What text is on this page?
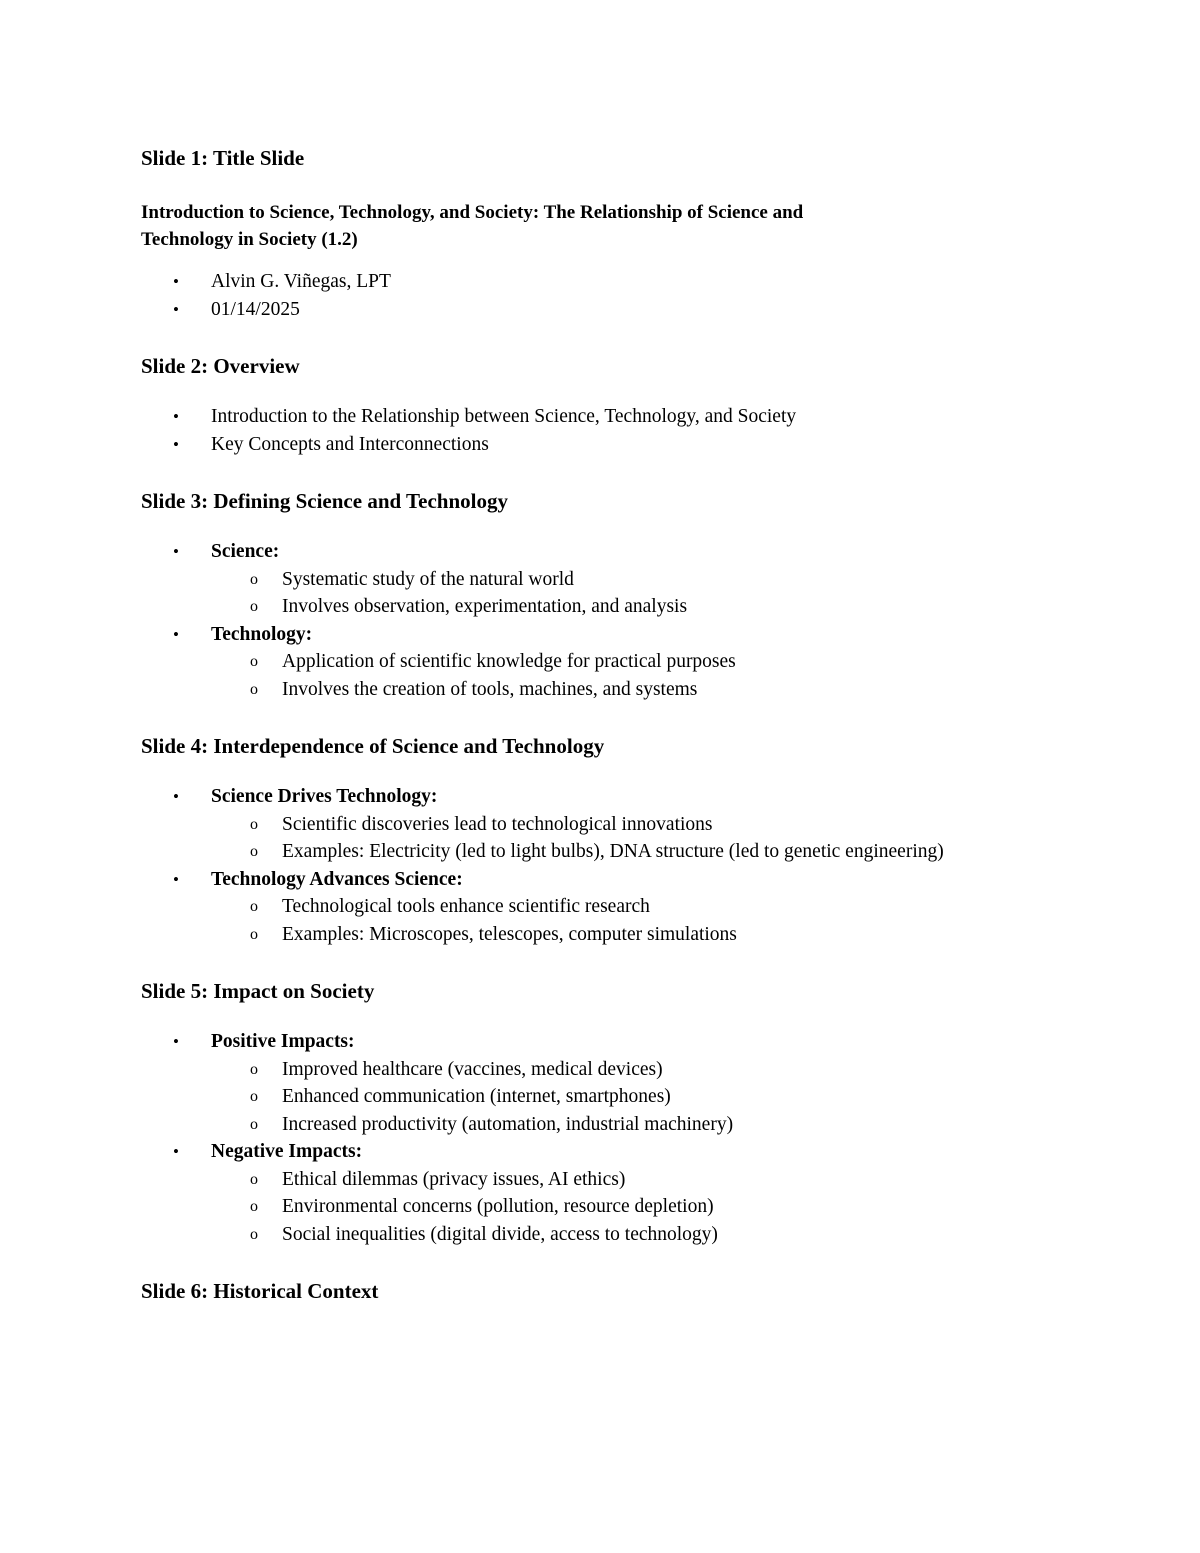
Slide 1: Title Slide
Introduction to Science, Technology, and Society: The Relationship of Science and
Technology in Society (1.2)
• Alvin G. Viñegas, LPT
• 01/14/2025
Slide 2: Overview
• Introduction to the Relationship between Science, Technology, and Society
• Key Concepts and Interconnections
Slide 3: Defining Science and Technology
• Science:
o	Systematic study of the natural world
o	Involves observation, experimentation, and analysis
• Technology:
o	Application of scientific knowledge for practical purposes
o	Involves the creation of tools, machines, and systems
Slide 4: Interdependence of Science and Technology
• Science Drives Technology:
o	Scientific discoveries lead to technological innovations
o	Examples: Electricity (led to light bulbs), DNA structure (led to genetic engineering)
• Technology Advances Science:
o	Technological tools enhance scientific research
o	Examples: Microscopes, telescopes, computer simulations
Slide 5: Impact on Society
• Positive Impacts:
o	Improved healthcare (vaccines, medical devices)
o	Enhanced communication (internet, smartphones)
o	Increased productivity (automation, industrial machinery)
• Negative Impacts:
o	Ethical dilemmas (privacy issues, AI ethics)
o	Environmental concerns (pollution, resource depletion)
o	Social inequalities (digital divide, access to technology)
Slide 6: Historical Context
